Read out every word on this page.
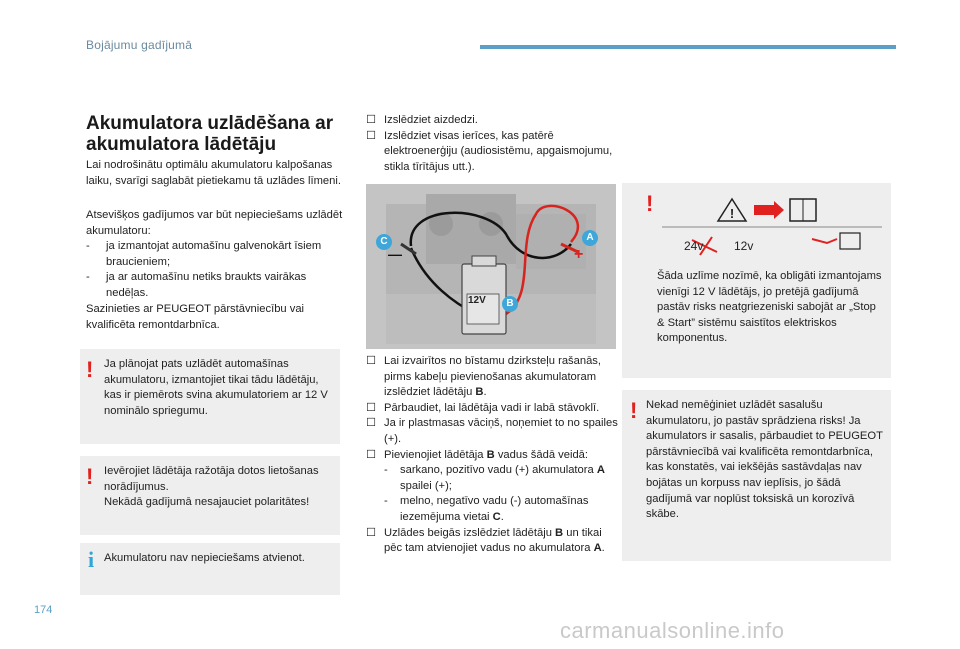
Bojājumu gadījumā
Akumulatora uzlādēšana ar akumulatora lādētāju
Lai nodrošinātu optimālu akumulatoru kalpošanas laiku, svarīgi saglabāt pietiekamu tā uzlādes līmeni.
Atsevišķos gadījumos var būt nepieciešams uzlādēt akumulatoru:
-	ja izmantojat automašīnu galvenokārt īsiem braucieniem;
-	ja ar automašīnu netiks braukts vairākas nedēļas.
Sazinieties ar PEUGEOT pārstāvniecību vai kvalificēta remontdarbnīca.
! Ja plānojat pats uzlādēt automašīnas akumulatoru, izmantojiet tikai tādu lādētāju, kas ir piemērots svina akumulatoriem ar 12 V nominālo spriegumu.
! Ievērojiet lādētāja ražotāja dotos lietošanas norādījumus.
Nekādā gadījumā nesajauciet polaritātes!
i Akumulatoru nav nepieciešams atvienot.
☐ Izslēdziet aizdedzi.
☐ Izslēdziet visas ierīces, kas patērē elektroenerģiju (audiosistēmu, apgaismojumu, stikla tīrītājus utt.).
12V
C	A
B
+
—
☐ Lai izvairītos no bīstamu dzirksteļu rašanās, pirms kabeļu pievienošanas akumulatoram izslēdziet lādētāju B.
☐ Pārbaudiet, lai lādētāja vadi ir labā stāvoklī.
☐ Ja ir plastmasas vāciņš, noņemiet to no spailes (+).
☐ Pievienojiet lādētāja B vadus šādā veidā:
-	sarkano, pozitīvo vadu (+) akumulatora A spailei (+);
-	melno, negatīvo vadu (-) automašīnas iezemējuma vietai C.
☐ Uzlādes beigās izslēdziet lādētāju B un tikai pēc tam atvienojiet vadus no akumulatora A.
!	!
24v	12v
Šāda uzlīme nozīmē, ka obligāti izmantojams vienīgi 12 V lādētājs, jo pretējā gadījumā pastāv risks neatgriezeniski sabojāt ar „Stop & Start” sistēmu saistītos elektriskos komponentus.
! Nekad nemēģiniet uzlādēt sasalušu akumulatoru, jo pastāv sprādziena risks! Ja akumulators ir sasalis, pārbaudiet to PEUGEOT pārstāvniecībā vai kvalificēta remontdarbnīca, kas konstatēs, vai iekšējās sastāvdaļas nav bojātas un korpuss nav ieplīsis, jo šādā gadījumā var noplūst toksiskā un korozīvā skābe.
174
carmanualsonline.info
